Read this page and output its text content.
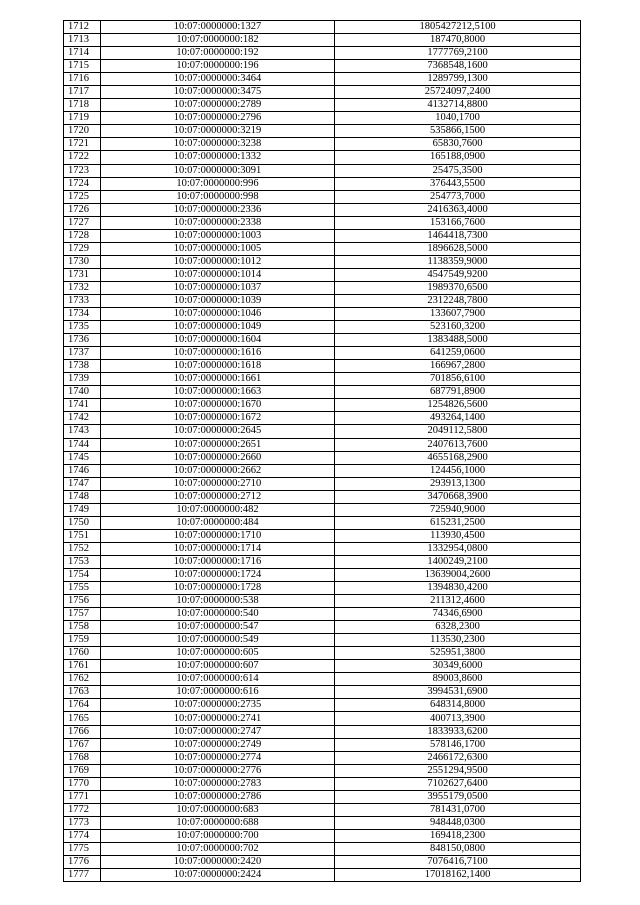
1712	10:07:0000000:1327	1805427212,5100
1713	10:07:0000000:182	187470,8000
1714	10:07:0000000:192	1777769,2100
1715	10:07:0000000:196	7368548,1600
1716	10:07:0000000:3464	1289799,1300
1717	10:07:0000000:3475	25724097,2400
1718	10:07:0000000:2789	4132714,8800
1719	10:07:0000000:2796	1040,1700
1720	10:07:0000000:3219	535866,1500
1721	10:07:0000000:3238	65830,7600
1722	10:07:0000000:1332	165188,0900
1723	10:07:0000000:3091	25475,3500
1724	10:07:0000000:996	376443,5500
1725	10:07:0000000:998	254773,7000
1726	10:07:0000000:2336	2416363,4000
1727	10:07:0000000:2338	153166,7600
1728	10:07:0000000:1003	1464418,7300
1729	10:07:0000000:1005	1896628,5000
1730	10:07:0000000:1012	1138359,9000
1731	10:07:0000000:1014	4547549,9200
1732	10:07:0000000:1037	1989370,6500
1733	10:07:0000000:1039	2312248,7800
1734	10:07:0000000:1046	133607,7900
1735	10:07:0000000:1049	523160,3200
1736	10:07:0000000:1604	1383488,5000
1737	10:07:0000000:1616	641259,0600
1738	10:07:0000000:1618	166967,2800
1739	10:07:0000000:1661	701856,6100
1740	10:07:0000000:1663	687791,8900
1741	10:07:0000000:1670	1254826,5600
1742	10:07:0000000:1672	493264,1400
1743	10:07:0000000:2645	2049112,5800
1744	10:07:0000000:2651	2407613,7600
1745	10:07:0000000:2660	4655168,2900
1746	10:07:0000000:2662	124456,1000
1747	10:07:0000000:2710	293913,1300
1748	10:07:0000000:2712	3470668,3900
1749	10:07:0000000:482	725940,9000
1750	10:07:0000000:484	615231,2500
1751	10:07:0000000:1710	113930,4500
1752	10:07:0000000:1714	1332954,0800
1753	10:07:0000000:1716	1400249,2100
1754	10:07:0000000:1724	13639004,2600
1755	10:07:0000000:1728	1394830,4200
1756	10:07:0000000:538	211312,4600
1757	10:07:0000000:540	74346,6900
1758	10:07:0000000:547	6328,2300
1759	10:07:0000000:549	113530,2300
1760	10:07:0000000:605	525951,3800
1761	10:07:0000000:607	30349,6000
1762	10:07:0000000:614	89003,8600
1763	10:07:0000000:616	3994531,6900
1764	10:07:0000000:2735	648314,8000
1765	10:07:0000000:2741	400713,3900
1766	10:07:0000000:2747	1833933,6200
1767	10:07:0000000:2749	578146,1700
1768	10:07:0000000:2774	2466172,6300
1769	10:07:0000000:2776	2551294,9500
1770	10:07:0000000:2783	7102627,6400
1771	10:07:0000000:2786	3955179,0500
1772	10:07:0000000:683	781431,0700
1773	10:07:0000000:688	948448,0300
1774	10:07:0000000:700	169418,2300
1775	10:07:0000000:702	848150,0800
1776	10:07:0000000:2420	7076416,7100
1777	10:07:0000000:2424	17018162,1400
